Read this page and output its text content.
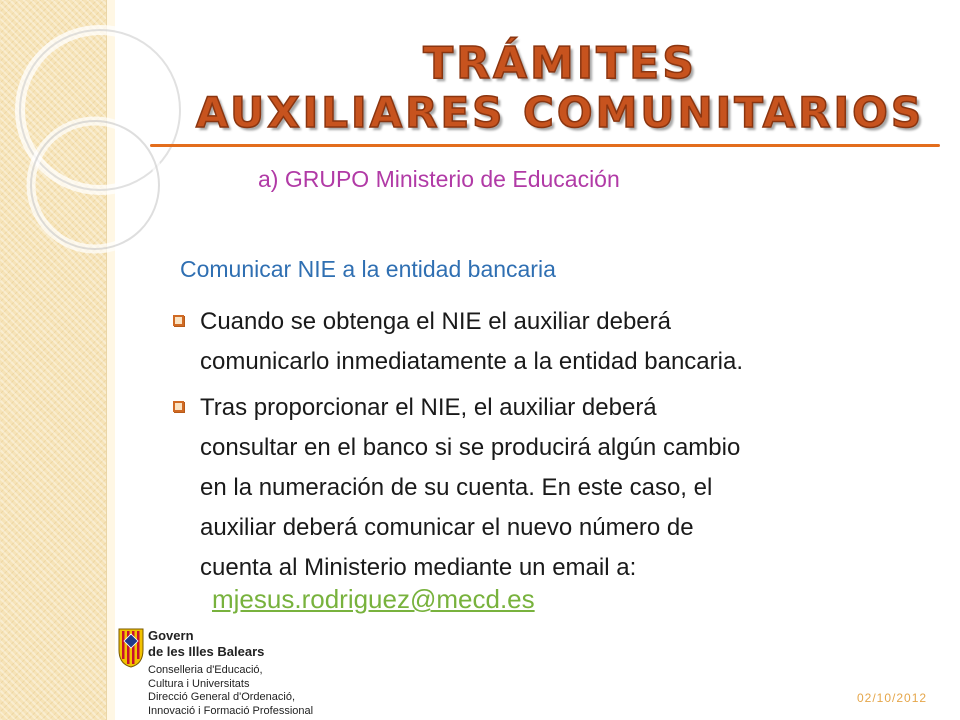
TRÁMITES
AUXILIARES COMUNITARIOS
a) GRUPO Ministerio de Educación
Comunicar NIE a la entidad bancaria
Cuando se obtenga el NIE el auxiliar deberá
comunicarlo inmediatamente a la entidad bancaria.
Tras proporcionar el NIE, el auxiliar deberá
consultar en el banco si se producirá algún cambio
en la numeración de su cuenta. En este caso, el
auxiliar deberá comunicar el nuevo número de
cuenta al Ministerio mediante un email a:
mjesus.rodriguez@mecd.es
Govern
de les Illes Balears
Conselleria d'Educació,
Cultura i Universitats
Direcció General d'Ordenació,
Innovació i Formació Professional
02/10/2012
